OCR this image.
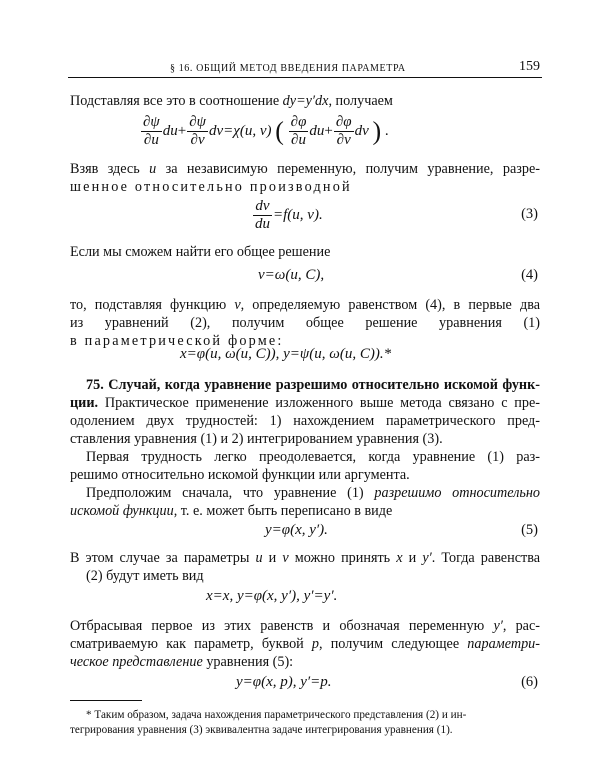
§ 16. ОБЩИЙ МЕТОД ВВЕДЕНИЯ ПАРАМЕТРА	159
Подставляя все это в соотношение dy=y′dx, получаем
$\frac{\partial\psi}{\partial u} du+ \frac{\partial\psi}{\partial v} dv=\chi(u$, v) ( $\frac{\partial\varphi}{\partial u} du+ \frac{\partial\varphi}{\partial v}$ dv ) .
Взяв здесь u за независимую переменную, получим уравнение, разре-
шенное относительно производной
$\frac{dv}{du} =f(u$, v).	(3)
Если мы сможем найти его общее решение
v=ω(u, C),	(4)
то, подставляя функцию v, определяемую равенством (4), в первые два
из уравнений (2), получим общее решение уравнения (1)
в параметрической форме:
x=φ(u, ω(u, C)), y=ψ(u, ω(u, C)).*
75. Случай, когда уравнение разрешимо относительно искомой функ-
ции. Практическое применение изложенного выше метода связано с пре-
одолением двух трудностей: 1) нахождением параметрического пред-
ставления уравнения (1) и 2) интегрированием уравнения (3).
Первая трудность легко преодолевается, когда уравнение (1) раз-
решимо относительно искомой функции или аргумента.
Предположим сначала, что уравнение (1) разрешимо относительно
искомой функции, т. е. может быть переписано в виде
y=φ(x, y′).	(5)
В этом случае за параметры u и v можно принять x и y′. Тогда равенства
(2) будут иметь вид
x=x, y=φ(x, y′), y′=y′.
Отбрасывая первое из этих равенств и обозначая переменную y′, рас-
сматриваемую как параметр, буквой p, получим следующее параметри-
ческое представление уравнения (5):
y=φ(x, p), y′=p.	(6)
* Таким образом, задача нахождения параметрического представления (2) и ин-
тегрирования уравнения (3) эквивалентна задаче интегрирования уравнения (1).
